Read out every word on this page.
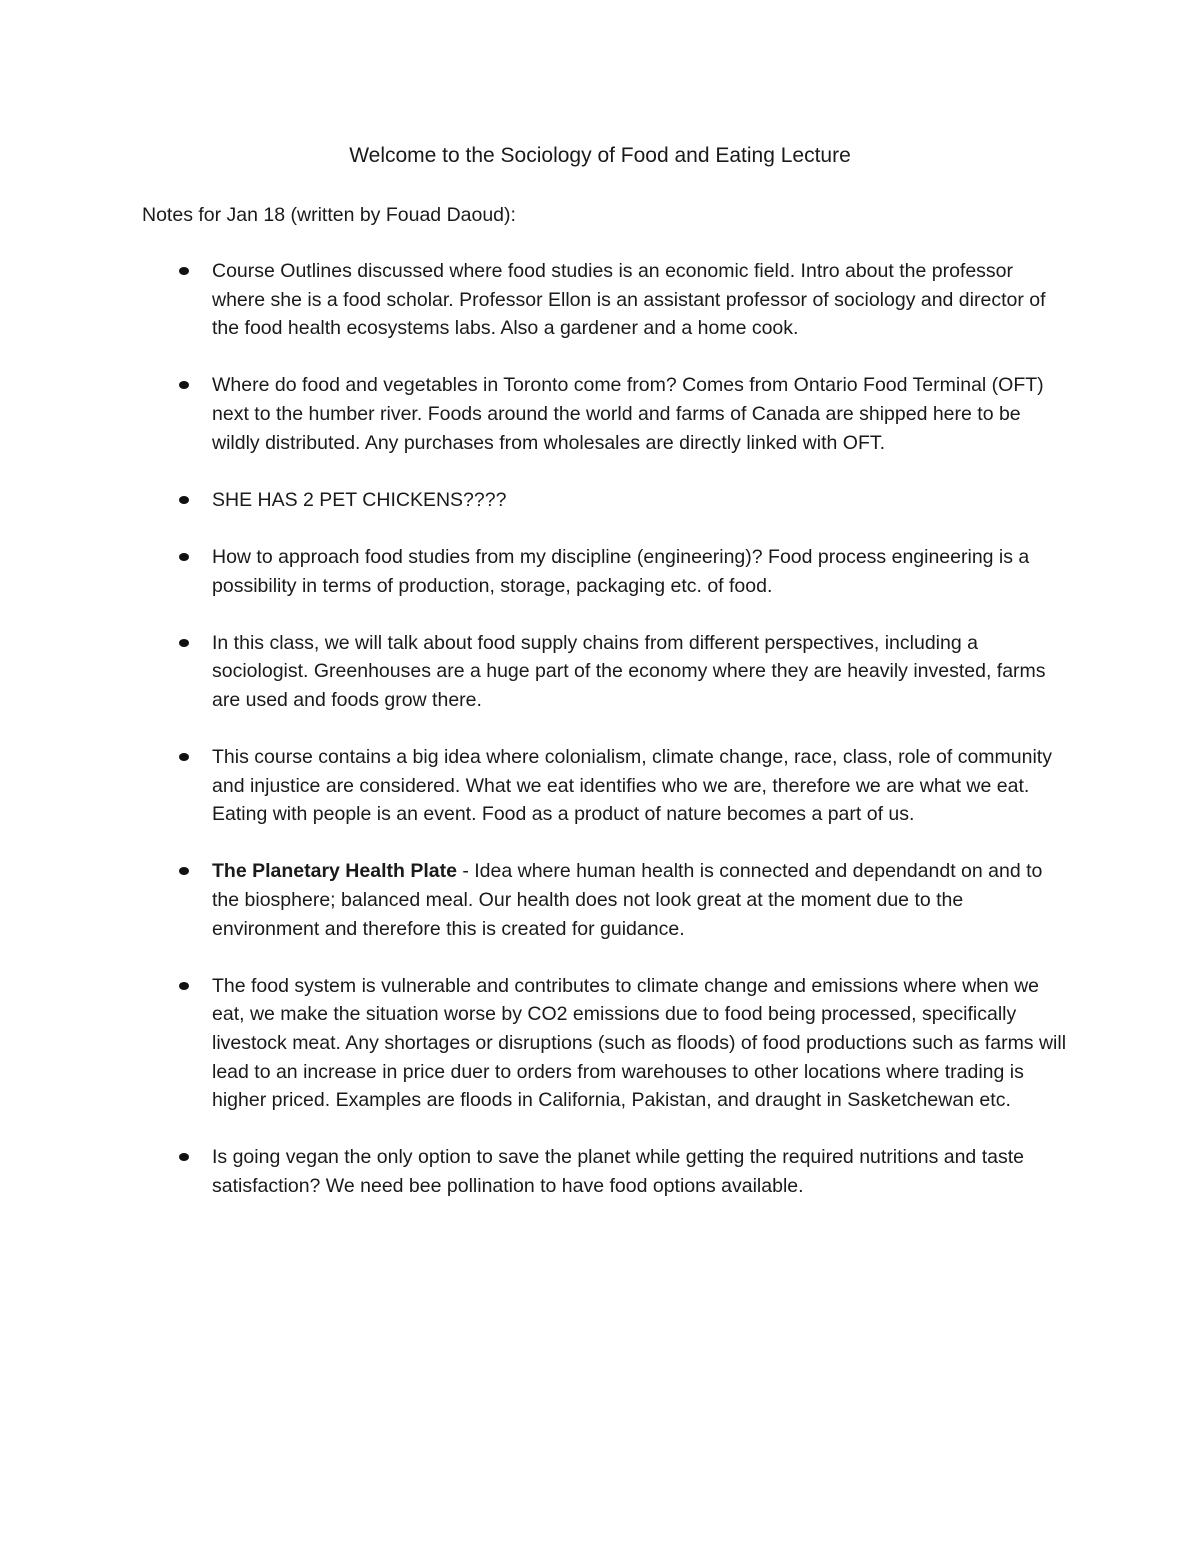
Welcome to the Sociology of Food and Eating Lecture
Notes for Jan 18 (written by Fouad Daoud):
Course Outlines discussed where food studies is an economic field. Intro about the professor where she is a food scholar. Professor Ellon is an assistant professor of sociology and director of the food health ecosystems labs. Also a gardener and a home cook.
Where do food and vegetables in Toronto come from? Comes from Ontario Food Terminal (OFT) next to the humber river. Foods around the world and farms of Canada are shipped here to be wildly distributed. Any purchases from wholesales are directly linked with OFT.
SHE HAS 2 PET CHICKENS????
How to approach food studies from my discipline (engineering)? Food process engineering is a possibility in terms of production, storage, packaging etc. of food.
In this class, we will talk about food supply chains from different perspectives, including a sociologist. Greenhouses are a huge part of the economy where they are heavily invested, farms are used and foods grow there.
This course contains a big idea where colonialism, climate change, race, class, role of community and injustice are considered. What we eat identifies who we are, therefore we are what we eat. Eating with people is an event. Food as a product of nature becomes a part of us.
The Planetary Health Plate - Idea where human health is connected and dependandt on and to the biosphere; balanced meal. Our health does not look great at the moment due to the environment and therefore this is created for guidance.
The food system is vulnerable and contributes to climate change and emissions where when we eat, we make the situation worse by CO2 emissions due to food being processed, specifically livestock meat. Any shortages or disruptions (such as floods) of food productions such as farms will lead to an increase in price duer to orders from warehouses to other locations where trading is higher priced. Examples are floods in California, Pakistan, and draught in Sasketchewan etc.
Is going vegan the only option to save the planet while getting the required nutritions and taste satisfaction? We need bee pollination to have food options available.
